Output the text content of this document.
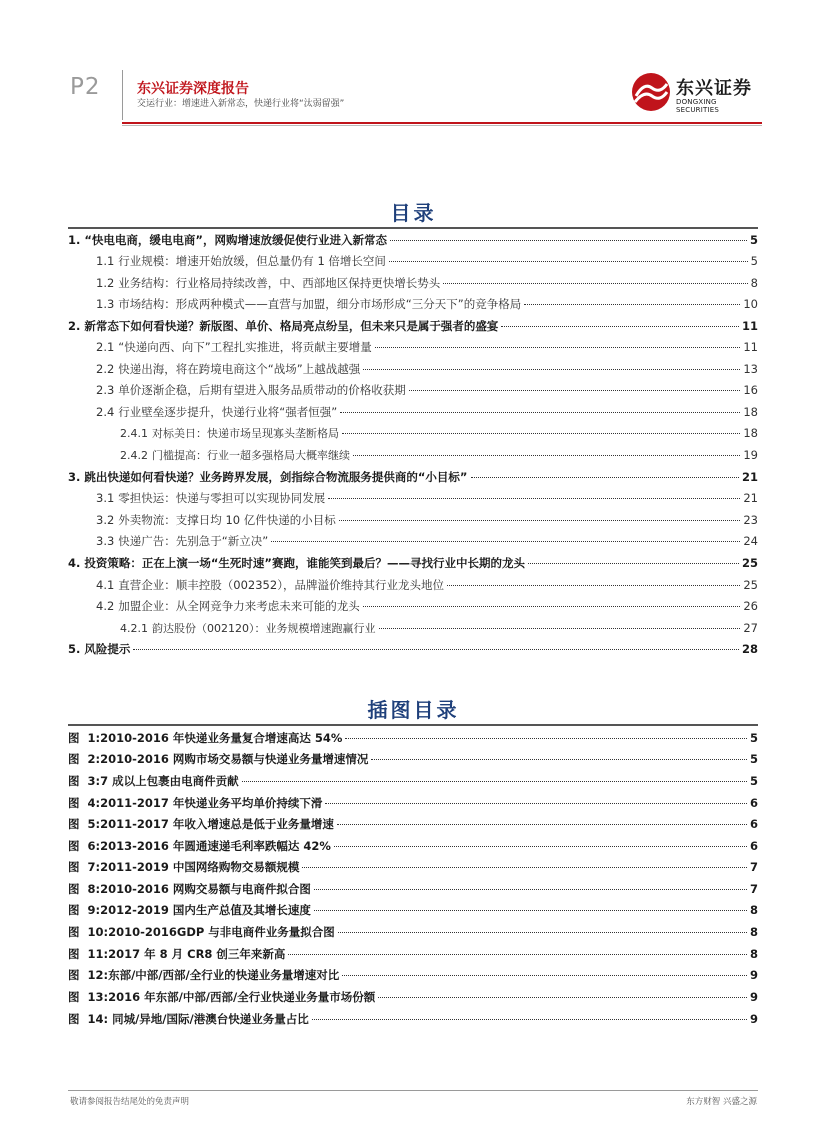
P2	东兴证券深度报告
交运行业：增速进入新常态，快递行业将“汰弱留强”
东兴证券
DONGXING SECURITIES
目录
1. “快电电商，缓电电商”，网购增速放缓促使行业进入新常态	5
1.1 行业规模：增速开始放缓，但总量仍有 1 倍增长空间	5
1.2 业务结构：行业格局持续改善，中、西部地区保持更快增长势头	8
1.3 市场结构：形成两种模式——直营与加盟，细分市场形成“三分天下”的竞争格局	10
2. 新常态下如何看快递？新版图、单价、格局亮点纷呈，但未来只是属于强者的盛宴	11
2.1 “快递向西、向下”工程扎实推进，将贡献主要增量	11
2.2 快递出海，将在跨境电商这个“战场”上越战越强	13
2.3 单价逐渐企稳，后期有望进入服务品质带动的价格收获期	16
2.4 行业壁垒逐步提升，快递行业将“强者恒强”	18
2.4.1 对标美日：快递市场呈现寡头垄断格局	18
2.4.2 门槛提高：行业一超多强格局大概率继续	19
3. 跳出快递如何看快递？业务跨界发展，剑指综合物流服务提供商的“小目标”	21
3.1 零担快运：快递与零担可以实现协同发展	21
3.2 外卖物流：支撑日均 10 亿件快递的小目标	23
3.3 快递广告：先别急于“新立决”	24
4. 投资策略：正在上演一场“生死时速”赛跑，谁能笑到最后？——寻找行业中长期的龙头	25
4.1 直营企业：顺丰控股（002352），品牌溢价维持其行业龙头地位	25
4.2 加盟企业：从全网竞争力来考虑未来可能的龙头	26
4.2.1 韵达股份（002120）：业务规模增速跑赢行业	27
5. 风险提示	28
插图目录
图 1:2010-2016 年快递业务量复合增速高达 54%	5
图 2:2010-2016 网购市场交易额与快递业务量增速情况	5
图 3:7 成以上包裹由电商件贡献	5
图 4:2011-2017 年快递业务平均单价持续下滑	6
图 5:2011-2017 年收入增速总是低于业务量增速	6
图 6:2013-2016 年圆通速递毛利率跌幅达 42%	6
图 7:2011-2019 中国网络购物交易额规模	7
图 8:2010-2016 网购交易额与电商件拟合图	7
图 9:2012-2019 国内生产总值及其增长速度	8
图 10:2010-2016GDP 与非电商件业务量拟合图	8
图 11:2017 年 8 月 CR8 创三年来新高	8
图 12:东部/中部/西部/全行业的快递业务量增速对比	9
图 13:2016 年东部/中部/西部/全行业快递业务量市场份额	9
图 14: 同城/异地/国际/港澳台快递业务量占比	9
敬请参阅报告结尾处的免责声明	东方财智 兴盛之源
